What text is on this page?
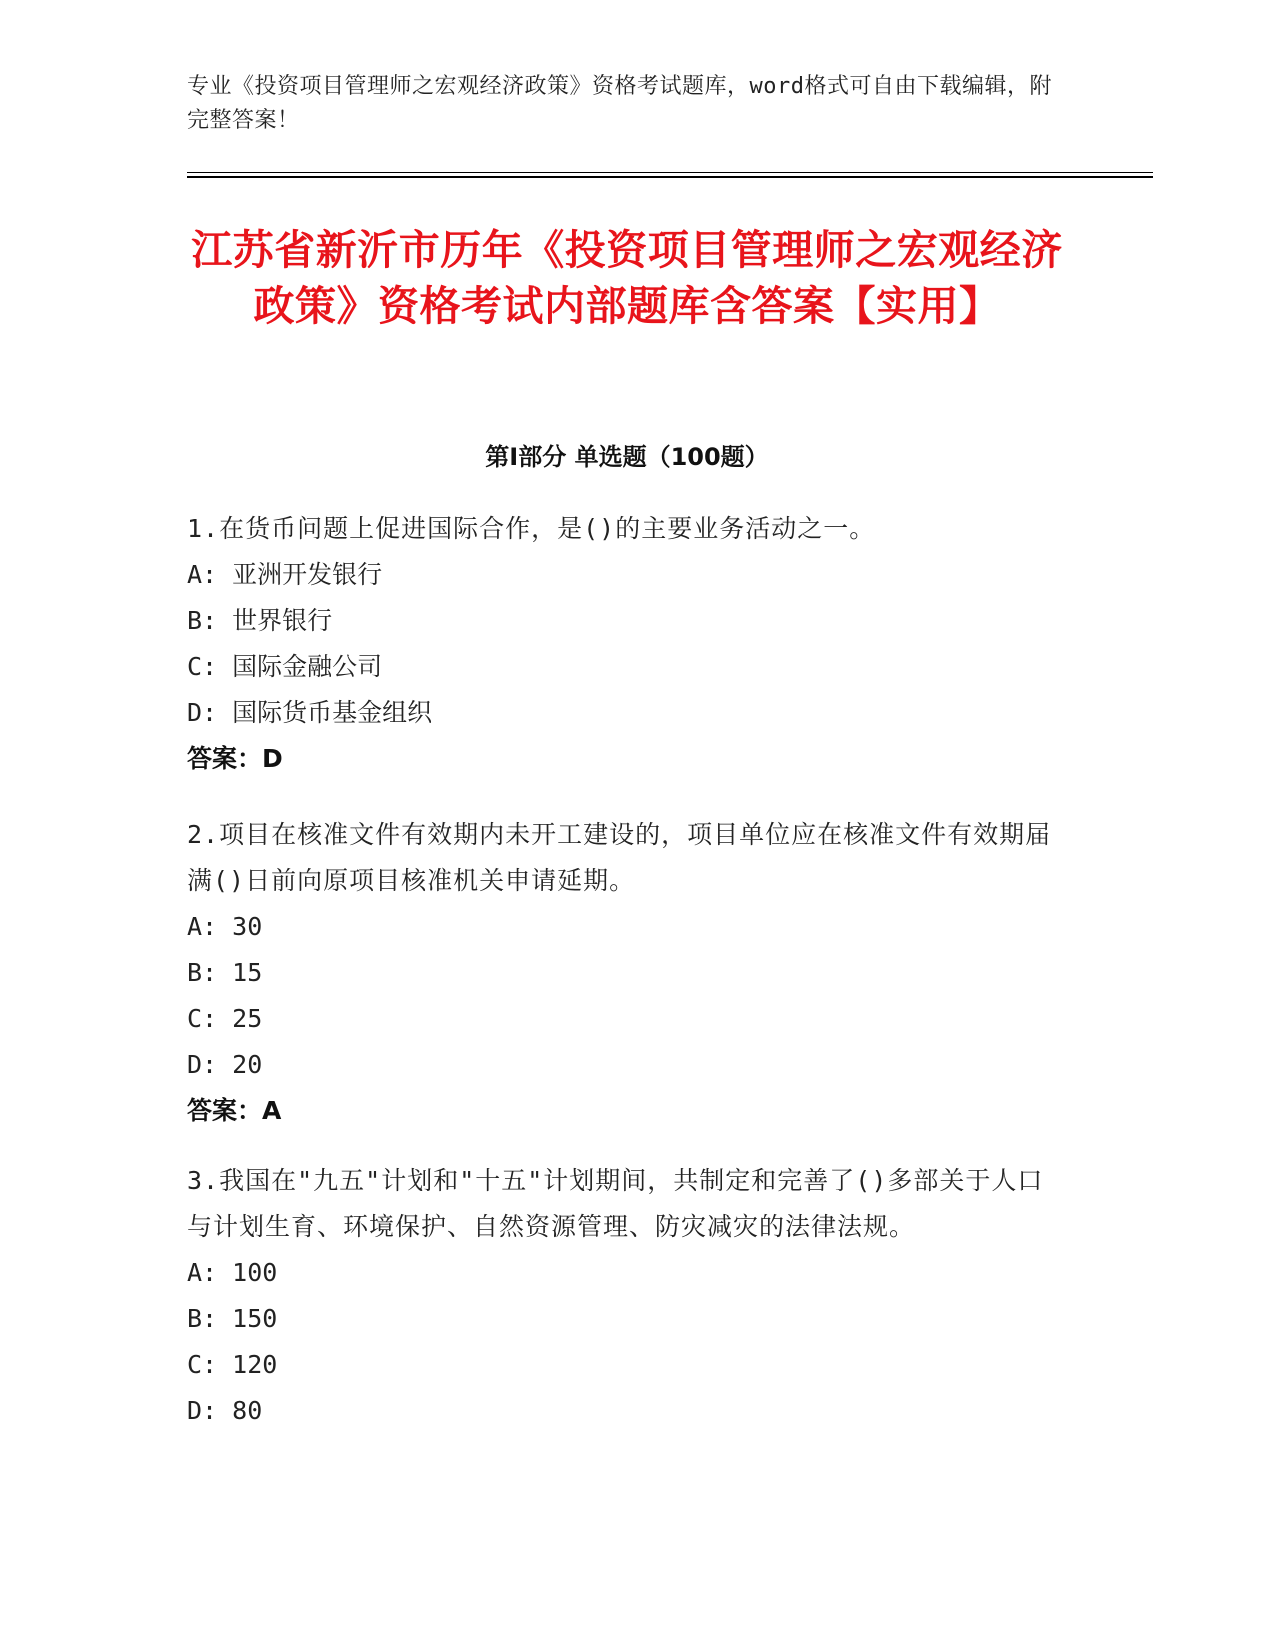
专业《投资项目管理师之宏观经济政策》资格考试题库，word格式可自由下载编辑，附完整答案！
江苏省新沂市历年《投资项目管理师之宏观经济政策》资格考试内部题库含答案【实用】
第Ⅰ部分 单选题（100题）
1.在货币问题上促进国际合作，是()的主要业务活动之一。
A: 亚洲开发银行
B: 世界银行
C: 国际金融公司
D: 国际货币基金组织
答案：D
2.项目在核准文件有效期内未开工建设的，项目单位应在核准文件有效期届满()日前向原项目核准机关申请延期。
A: 30
B: 15
C: 25
D: 20
答案：A
3.我国在"九五"计划和"十五"计划期间，共制定和完善了()多部关于人口与计划生育、环境保护、自然资源管理、防灾减灾的法律法规。
A: 100
B: 150
C: 120
D: 80
